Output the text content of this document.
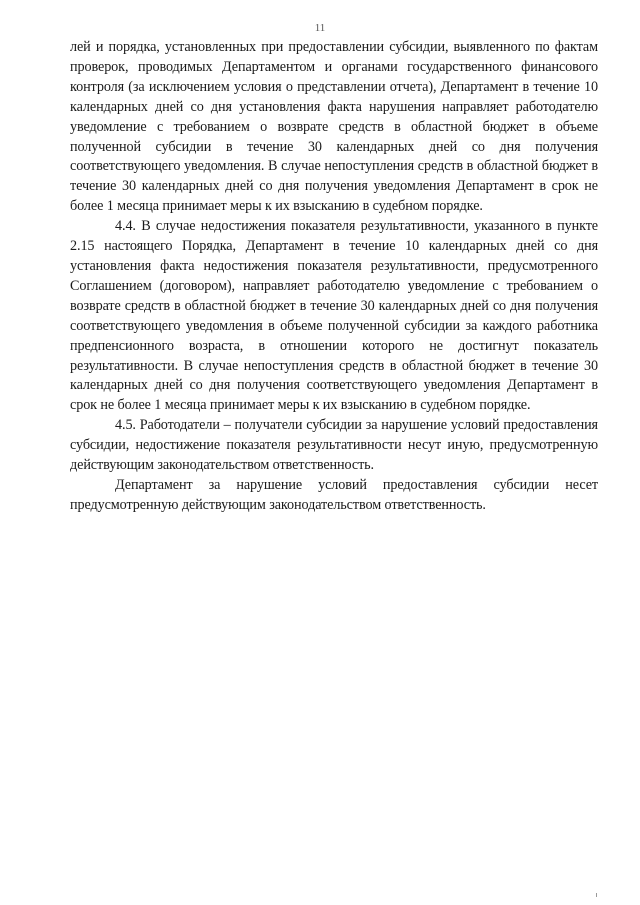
11

лей и порядка, установленных при предоставлении субсидии, выявленного по фактам проверок, проводимых Департаментом и органами государственного финансового контроля (за исключением условия о представлении отчета), Департамент в течение 10 календарных дней со дня установления факта нарушения направляет работодателю уведомление с требованием о возврате средств в областной бюджет в объеме полученной субсидии в течение 30 календарных дней со дня получения соответствующего уведомления. В случае непоступления средств в областной бюджет в течение 30 календарных дней со дня получения уведомления Департамент в срок не более 1 месяца принимает меры к их взысканию в судебном порядке.

4.4. В случае недостижения показателя результативности, указанного в пункте 2.15 настоящего Порядка, Департамент в течение 10 календарных дней со дня установления факта недостижения показателя результативности, предусмотренного Соглашением (договором), направляет работодателю уведомление с требованием о возврате средств в областной бюджет в течение 30 календарных дней со дня получения соответствующего уведомления в объеме полученной субсидии за каждого работника предпенсионного возраста, в отношении которого не достигнут показатель результативности. В случае непоступления средств в областной бюджет в течение 30 календарных дней со дня получения соответствующего уведомления Департамент в срок не более 1 месяца принимает меры к их взысканию в судебном порядке.

4.5. Работодатели – получатели субсидии за нарушение условий предоставления субсидии, недостижение показателя результативности несут иную, предусмотренную действующим законодательством ответственность.

Департамент за нарушение условий предоставления субсидии несет предусмотренную действующим законодательством ответственность.
